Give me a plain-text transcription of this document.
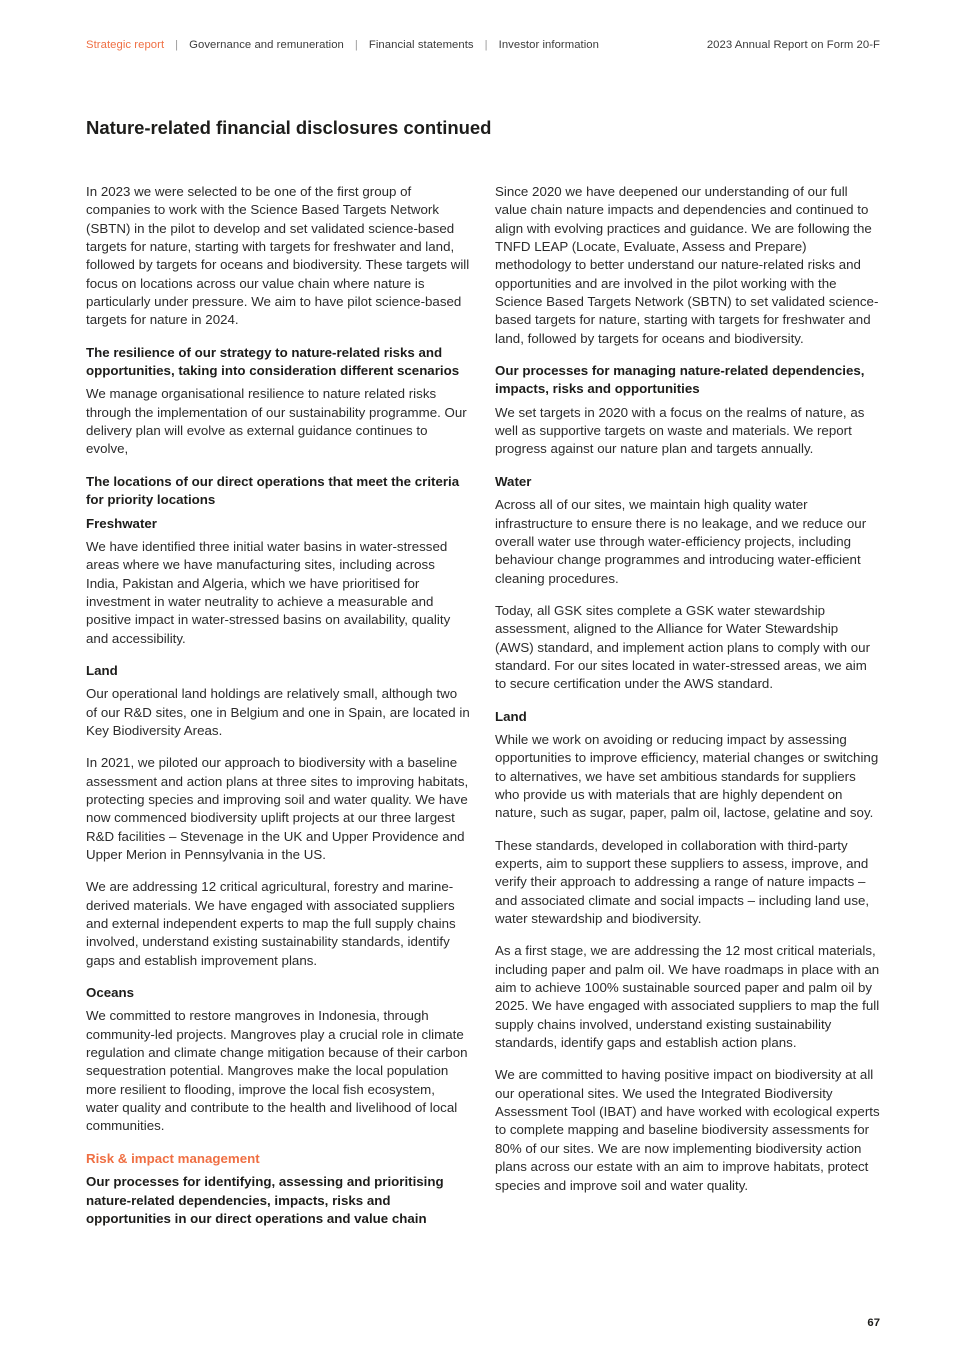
Strategic report | Governance and remuneration | Financial statements | Investor information	2023 Annual Report on Form 20-F
Nature-related financial disclosures continued

In 2023 we were selected to be one of the first group of companies to work with the Science Based Targets Network (SBTN) in the pilot to develop and set validated science-based targets for nature, starting with targets for freshwater and land, followed by targets for oceans and biodiversity. These targets will focus on locations across our value chain where nature is particularly under pressure. We aim to have pilot science-based targets for nature in 2024.

The resilience of our strategy to nature-related risks and opportunities, taking into consideration different scenarios

We manage organisational resilience to nature related risks through the implementation of our sustainability programme. Our delivery plan will evolve as external guidance continues to evolve,

The locations of our direct operations that meet the criteria for priority locations
Freshwater

We have identified three initial water basins in water-stressed areas where we have manufacturing sites, including across India, Pakistan and Algeria, which we have prioritised for investment in water neutrality to achieve a measurable and positive impact in water-stressed basins on availability, quality and accessibility.

Land

Our operational land holdings are relatively small, although two of our R&D sites, one in Belgium and one in Spain, are located in Key Biodiversity Areas.

In 2021, we piloted our approach to biodiversity with a baseline assessment and action plans at three sites to improving habitats, protecting species and improving soil and water quality. We have now commenced biodiversity uplift projects at our three largest R&D facilities – Stevenage in the UK and Upper Providence and Upper Merion in Pennsylvania in the US.

We are addressing 12 critical agricultural, forestry and marine-derived materials. We have engaged with associated suppliers and external independent experts to map the full supply chains involved, understand existing sustainability standards, identify gaps and establish improvement plans.

Oceans

We committed to restore mangroves in Indonesia, through community-led projects. Mangroves play a crucial role in climate regulation and climate change mitigation because of their carbon sequestration potential. Mangroves make the local population more resilient to flooding, improve the local fish ecosystem, water quality and contribute to the health and livelihood of local communities.

Risk & impact management
Our processes for identifying, assessing and prioritising nature-related dependencies, impacts, risks and opportunities in our direct operations and value chain

Since 2020 we have deepened our understanding of our full value chain nature impacts and dependencies and continued to align with evolving practices and guidance. We are following the TNFD LEAP (Locate, Evaluate, Assess and Prepare) methodology to better understand our nature-related risks and opportunities and are involved in the pilot working with the Science Based Targets Network (SBTN) to set validated science-based targets for nature, starting with targets for freshwater and land, followed by targets for oceans and biodiversity.

Our processes for managing nature-related dependencies, impacts, risks and opportunities

We set targets in 2020 with a focus on the realms of nature, as well as supportive targets on waste and materials. We report progress against our nature plan and targets annually.

Water

Across all of our sites, we maintain high quality water infrastructure to ensure there is no leakage, and we reduce our overall water use through water-efficiency projects, including behaviour change programmes and introducing water-efficient cleaning procedures.

Today, all GSK sites complete a GSK water stewardship assessment, aligned to the Alliance for Water Stewardship (AWS) standard, and implement action plans to comply with our standard. For our sites located in water-stressed areas, we aim to secure certification under the AWS standard.

Land

While we work on avoiding or reducing impact by assessing opportunities to improve efficiency, material changes or switching to alternatives, we have set ambitious standards for suppliers who provide us with materials that are highly dependent on nature, such as sugar, paper, palm oil, lactose, gelatine and soy.

These standards, developed in collaboration with third-party experts, aim to support these suppliers to assess, improve, and verify their approach to addressing a range of nature impacts – and associated climate and social impacts – including land use, water stewardship and biodiversity.

As a first stage, we are addressing the 12 most critical materials, including paper and palm oil. We have roadmaps in place with an aim to achieve 100% sustainable sourced paper and palm oil by 2025. We have engaged with associated suppliers to map the full supply chains involved, understand existing sustainability standards, identify gaps and establish action plans.

We are committed to having positive impact on biodiversity at all our operational sites. We used the Integrated Biodiversity Assessment Tool (IBAT) and have worked with ecological experts to complete mapping and baseline biodiversity assessments for 80% of our sites. We are now implementing biodiversity action plans across our estate with an aim to improve habitats, protect species and improve soil and water quality.

67
